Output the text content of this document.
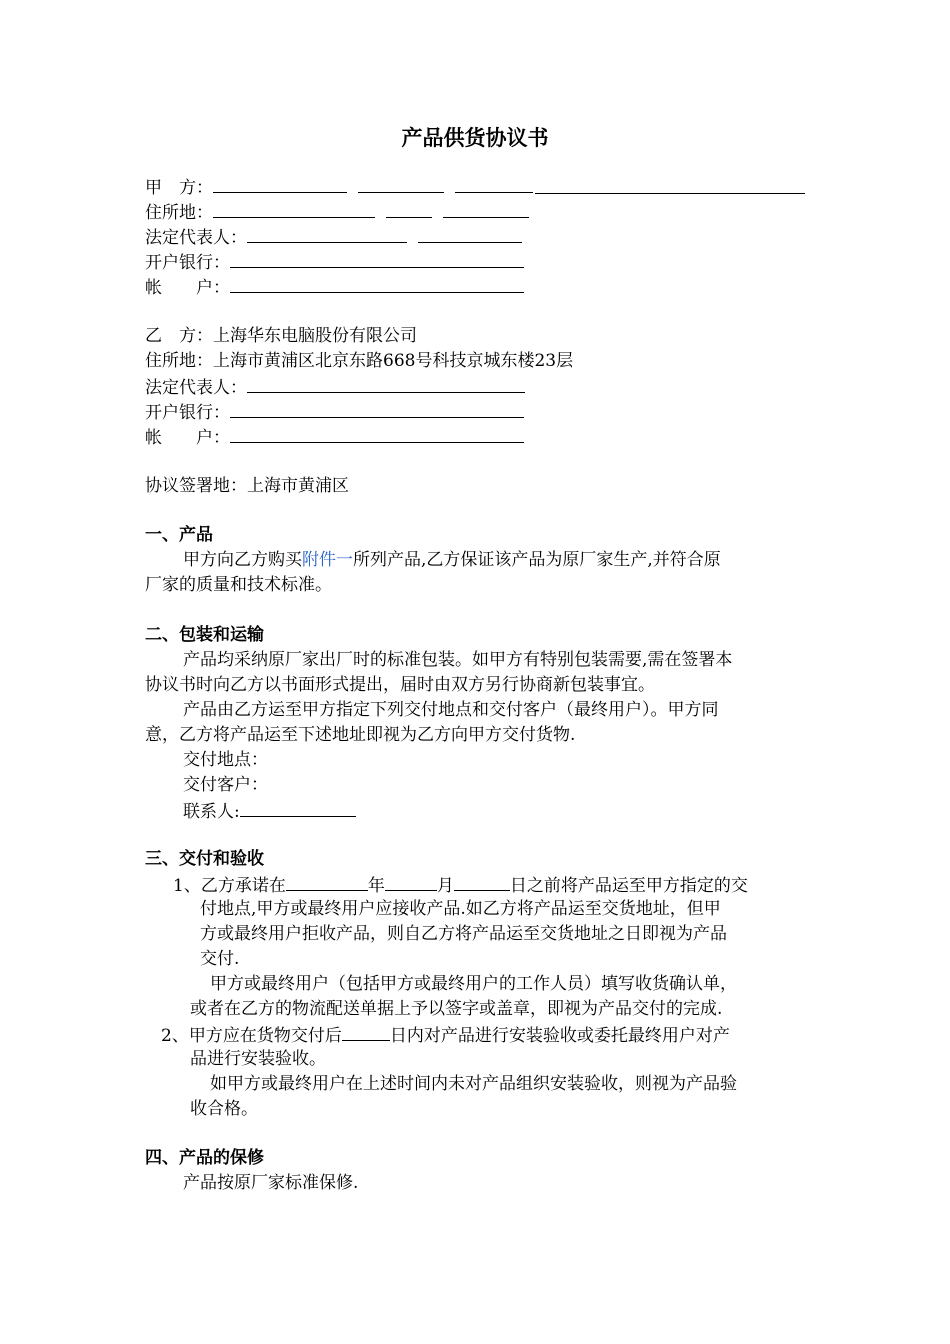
产品供货协议书
甲　方：
住所地：
法定代表人：
开户银行：
帐　　户：
乙　方：上海华东电脑股份有限公司
住所地：上海市黄浦区北京东路668号科技京城东楼23层
法定代表人：
开户银行：
帐　　户：
协议签署地：上海市黄浦区
一、产品
甲方向乙方购买附件一所列产品,乙方保证该产品为原厂家生产,并符合原
厂家的质量和技术标准。
二、包装和运输
产品均采纳原厂家出厂时的标准包装。如甲方有特别包装需要,需在签署本
协议书时向乙方以书面形式提出，届时由双方另行协商新包装事宜。
产品由乙方运至甲方指定下列交付地点和交付客户（最终用户）。甲方同
意，乙方将产品运至下述地址即视为乙方向甲方交付货物.
交付地点：
交付客户：
联系人:
三、交付和验收
1、乙方承诺在	年	月	日之前将产品运至甲方指定的交
付地点,甲方或最终用户应接收产品.如乙方将产品运至交货地址，但甲
方或最终用户拒收产品，则自乙方将产品运至交货地址之日即视为产品
交付.
甲方或最终用户（包括甲方或最终用户的工作人员）填写收货确认单，
或者在乙方的物流配送单据上予以签字或盖章，即视为产品交付的完成.
2、甲方应在货物交付后	日内对产品进行安装验收或委托最终用户对产
品进行安装验收。
如甲方或最终用户在上述时间内未对产品组织安装验收，则视为产品验
收合格。
四、产品的保修
产品按原厂家标准保修.
